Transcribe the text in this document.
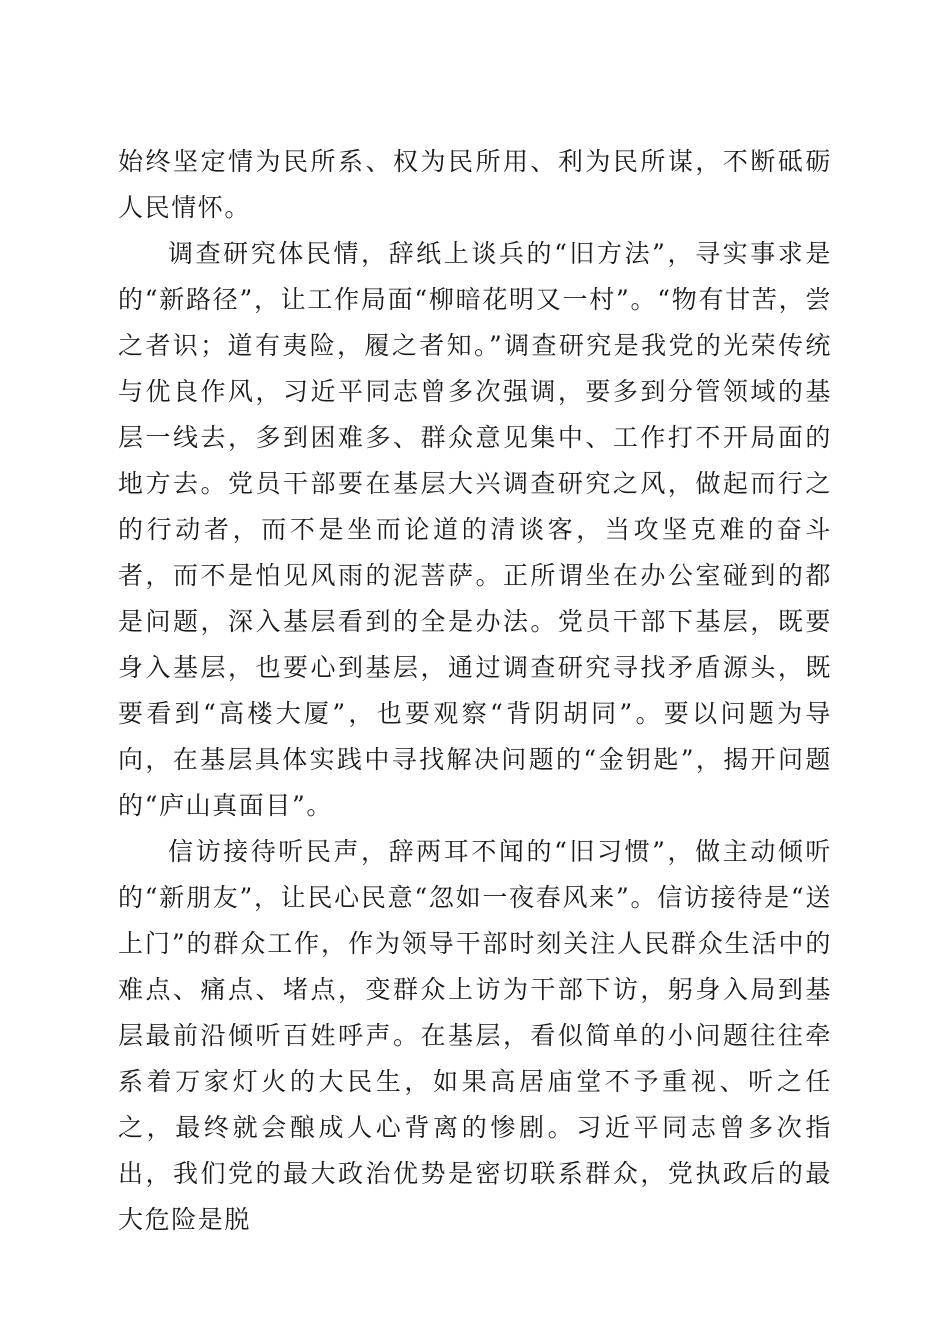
始终坚定情为民所系、权为民所用、利为民所谋，不断砥砺人民情怀。

调查研究体民情，辞纸上谈兵的“旧方法”，寻实事求是的“新路径”，让工作局面“柳暗花明又一村”。“物有甘苦，尝之者识；道有夷险，履之者知。”调查研究是我党的光荣传统与优良作风，习近平同志曾多次强调，要多到分管领域的基层一线去，多到困难多、群众意见集中、工作打不开局面的地方去。党员干部要在基层大兴调查研究之风，做起而行之的行动者，而不是坐而论道的清谈客，当攻坚克难的奋斗者，而不是怕见风雨的泥菩萨。正所谓坐在办公室碰到的都是问题，深入基层看到的全是办法。党员干部下基层，既要身入基层，也要心到基层，通过调查研究寻找矛盾源头，既要看到“高楼大厦”，也要观察“背阴胡同”。要以问题为导向，在基层具体实践中寻找解决问题的“金钥匙”，揭开问题的“庐山真面目”。

信访接待听民声，辞两耳不闻的“旧习惯”，做主动倾听的“新朋友”，让民心民意“忽如一夜春风来”。信访接待是“送上门”的群众工作，作为领导干部时刻关注人民群众生活中的难点、痛点、堵点，变群众上访为干部下访，躬身入局到基层最前沿倾听百姓呼声。在基层，看似简单的小问题往往牵系着万家灯火的大民生，如果高居庙堂不予重视、听之任之，最终就会酿成人心背离的惨剧。习近平同志曾多次指出，我们党的最大政治优势是密切联系群众，党执政后的最大危险是脱
